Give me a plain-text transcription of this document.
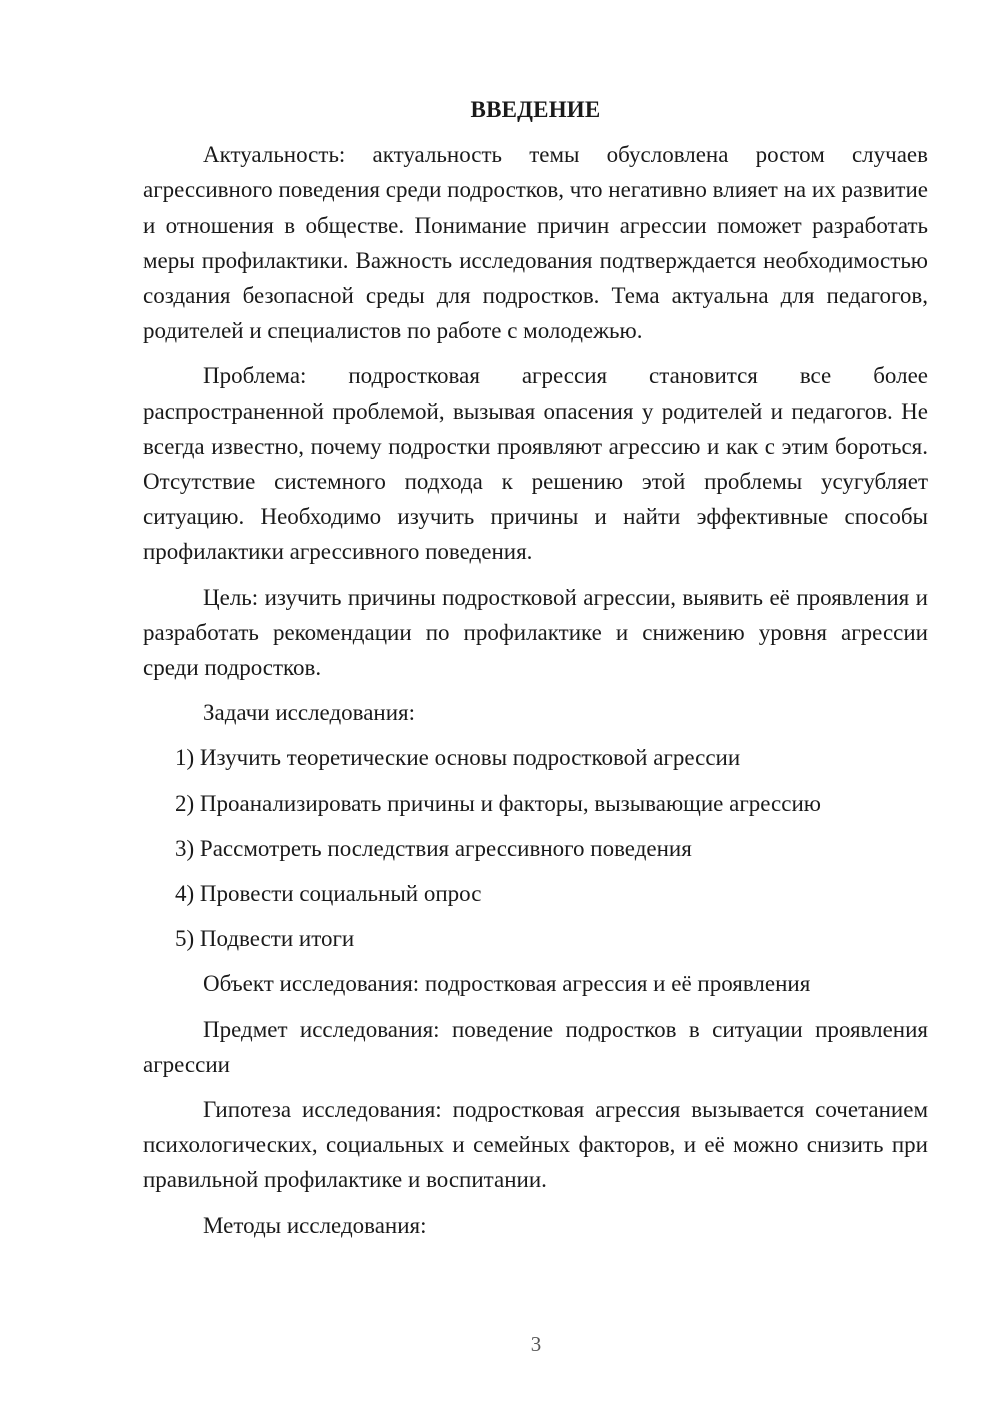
ВВЕДЕНИЕ

Актуальность: актуальность темы обусловлена ростом случаев агрессивного поведения среди подростков, что негативно влияет на их развитие и отношения в обществе. Понимание причин агрессии поможет разработать меры профилактики. Важность исследования подтверждается необходимостью создания безопасной среды для подростков. Тема актуальна для педагогов, родителей и специалистов по работе с молодежью.

Проблема: подростковая агрессия становится все более распространенной проблемой, вызывая опасения у родителей и педагогов. Не всегда известно, почему подростки проявляют агрессию и как с этим бороться. Отсутствие системного подхода к решению этой проблемы усугубляет ситуацию. Необходимо изучить причины и найти эффективные способы профилактики агрессивного поведения.

Цель: изучить причины подростковой агрессии, выявить её проявления и разработать рекомендации по профилактике и снижению уровня агрессии среди подростков.

Задачи исследования:

1) Изучить теоретические основы подростковой агрессии
2) Проанализировать причины и факторы, вызывающие агрессию
3) Рассмотреть последствия агрессивного поведения
4) Провести социальный опрос
5) Подвести итоги

Объект исследования: подростковая агрессия и её проявления

Предмет исследования: поведение подростков в ситуации проявления агрессии

Гипотеза исследования: подростковая агрессия вызывается сочетанием психологических, социальных и семейных факторов, и её можно снизить при правильной профилактике и воспитании.

Методы исследования:

3
